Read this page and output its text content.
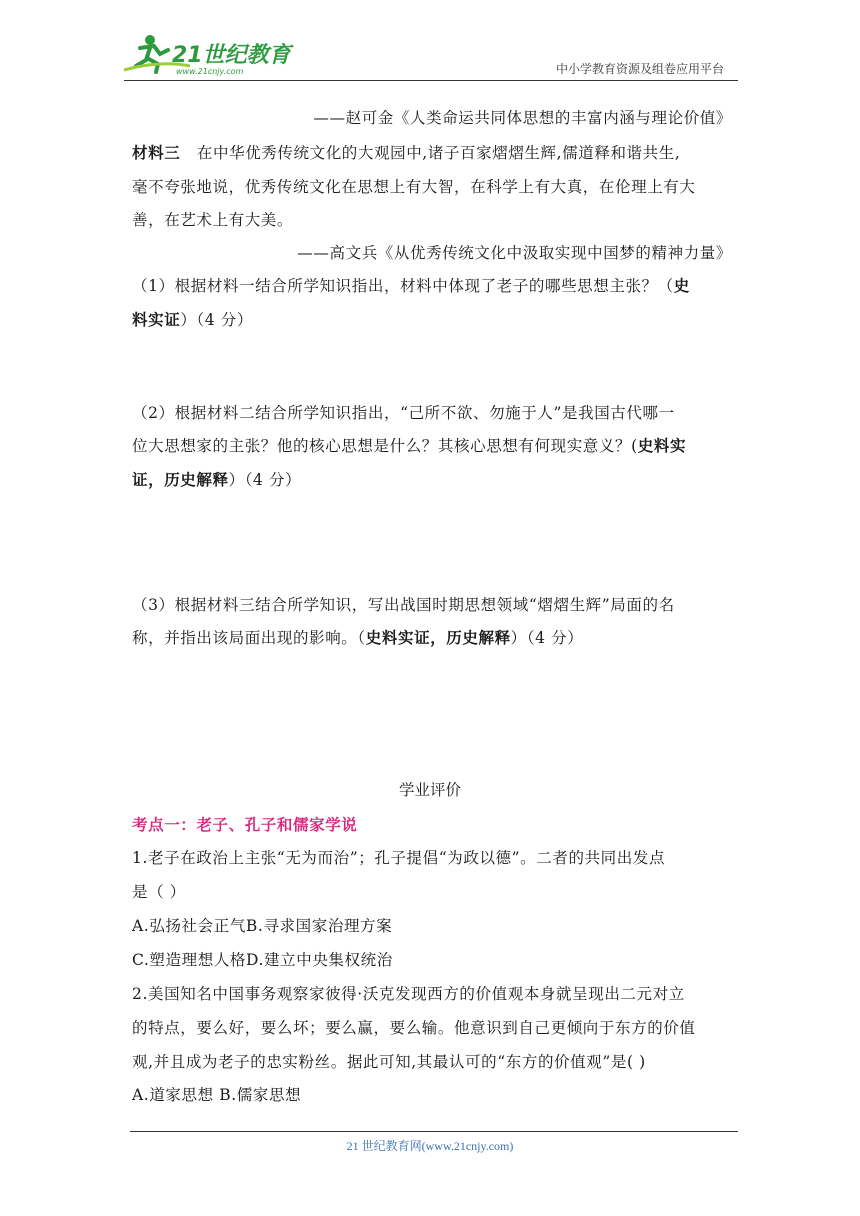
21世纪教育
www.21cnjy.com	中小学教育资源及组卷应用平台
——赵可金《人类命运共同体思想的丰富内涵与理论价值》
材料三 在中华优秀传统文化的大观园中,诸子百家熠熠生辉,儒道释和谐共生,
毫不夸张地说，优秀传统文化在思想上有大智，在科学上有大真，在伦理上有大
善，在艺术上有大美。
——高文兵《从优秀传统文化中汲取实现中国梦的精神力量》
（1）根据材料一结合所学知识指出，材料中体现了老子的哪些思想主张？（史
料实证）（4 分）
（2）根据材料二结合所学知识指出，“己所不欲、勿施于人”是我国古代哪一
位大思想家的主张？他的核心思想是什么？其核心思想有何现实意义？(史料实
证，历史解释）（4 分）
（3）根据材料三结合所学知识，写出战国时期思想领域“熠熠生辉”局面的名
称，并指出该局面出现的影响。（史料实证，历史解释）（4 分）
学业评价
考点一：老子、孔子和儒家学说
1.老子在政治上主张“无为而治”；孔子提倡“为政以德”。二者的共同出发点
是（ ）
A.弘扬社会正气B.寻求国家治理方案
C.塑造理想人格D.建立中央集权统治
2.美国知名中国事务观察家彼得·沃克发现西方的价值观本身就呈现出二元对立
的特点，要么好，要么坏；要么赢，要么输。他意识到自己更倾向于东方的价值
观,并且成为老子的忠实粉丝。据此可知,其最认可的“东方的价值观”是( )
A.道家思想 B.儒家思想
21 世纪教育网(www.21cnjy.com)
